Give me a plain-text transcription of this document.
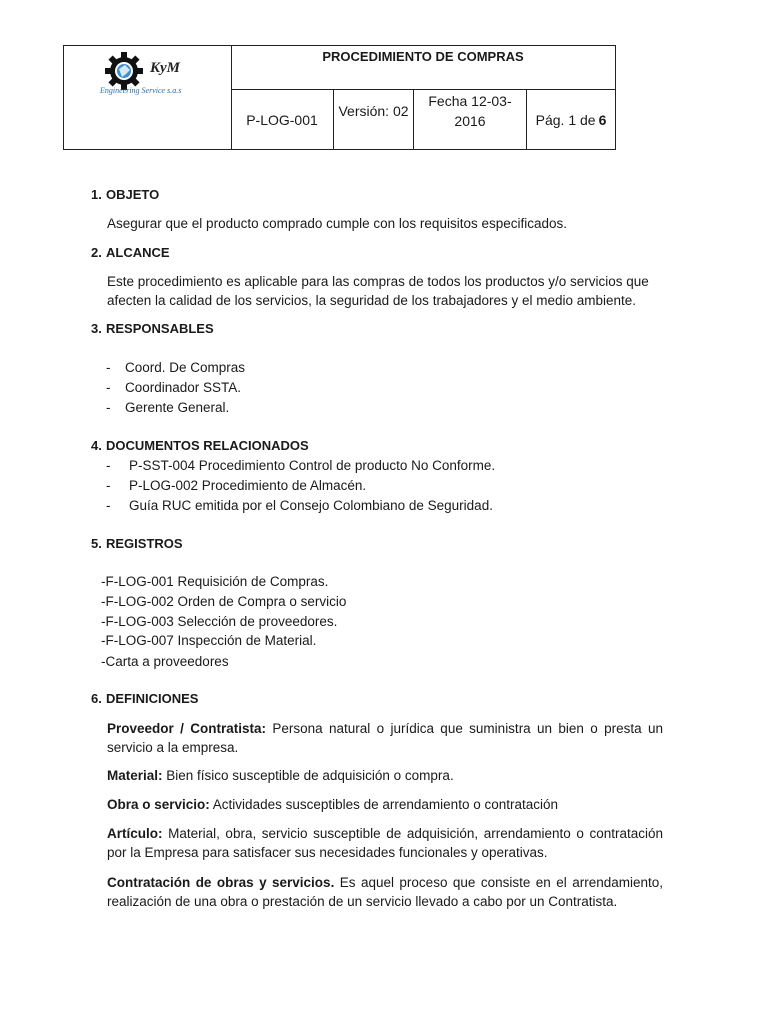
KyM
Engineering Service s.a.s
PROCEDIMIENTO DE COMPRAS
P-LOG-001
Versión: 02
Fecha 12-03-
2016	Pág. 1 de 6
1. OBJETO
Asegurar que el producto comprado cumple con los requisitos especificados.
2. ALCANCE
Este procedimiento es aplicable para las compras de todos los productos y/o servicios que
afecten la calidad de los servicios, la seguridad de los trabajadores y el medio ambiente.
3. RESPONSABLES
- Coord. De Compras
- Coordinador SSTA.
- Gerente General.
4. DOCUMENTOS RELACIONADOS
- P-SST-004 Procedimiento Control de producto No Conforme.
- P-LOG-002 Procedimiento de Almacén.
- Guía RUC emitida por el Consejo Colombiano de Seguridad.
5. REGISTROS
-F-LOG-001 Requisición de Compras.
-F-LOG-002 Orden de Compra o servicio
-F-LOG-003 Selección de proveedores.
-F-LOG-007 Inspección de Material.
-Carta a proveedores
6. DEFINICIONES
Proveedor / Contratista: Persona natural o jurídica que suministra un bien o presta un
servicio a la empresa.
Material: Bien físico susceptible de adquisición o compra.
Obra o servicio: Actividades susceptibles de arrendamiento o contratación
Artículo: Material, obra, servicio susceptible de adquisición, arrendamiento o contratación
por la Empresa para satisfacer sus necesidades funcionales y operativas.
Contratación de obras y servicios. Es aquel proceso que consiste en el arrendamiento,
realización de una obra o prestación de un servicio llevado a cabo por un Contratista.
